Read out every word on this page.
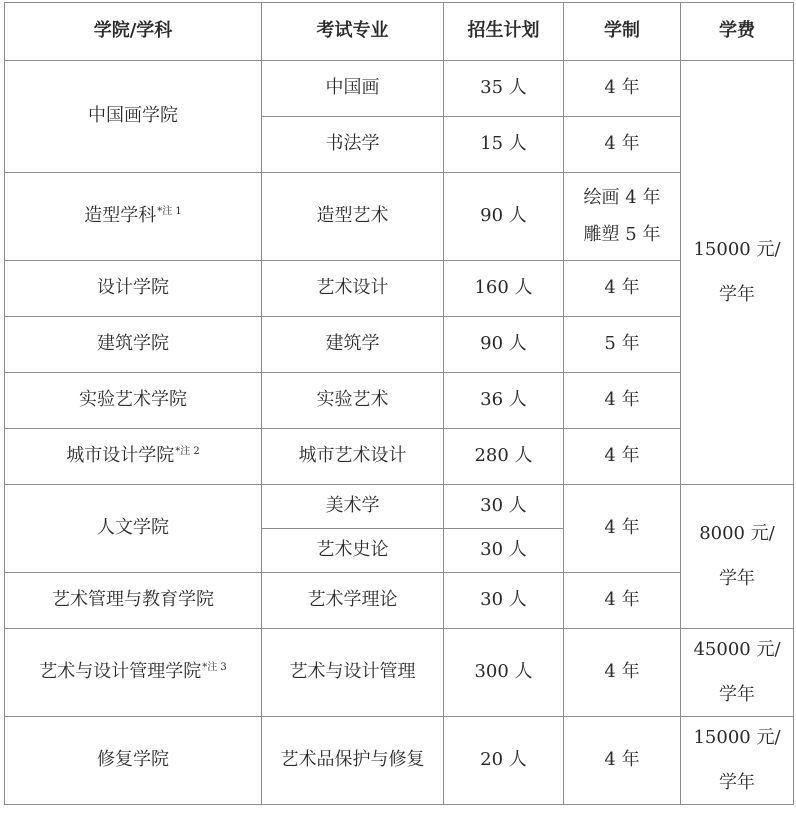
学院/学科	考试专业	招生计划	学制	学费
中国画学院	中国画	35 人	4 年	15000 元/
学年

	书法学	15 人	4 年	
造型学科$^{*注 1}$	造型艺术	90 人	绘画 4 年
雕塑 5 年	

设计学院	艺术设计	160 人	4 年	
建筑学院	建筑学	90 人	5 年	
实验艺术学院	实验艺术	36 人	4 年	
城市设计学院$^{*注 2}$	城市艺术设计	280 人	4 年	
人文学院	美术学	30 人	4 年	8000 元/
学年

	艺术史论	30 人		
艺术管理与教育学院	艺术学理论	30 人	4 年	
艺术与设计管理学院$^{*注 3}$	艺术与设计管理	300 人	4 年	45000 元/
学年

修复学院	艺术品保护与修复	20 人	4 年	15000 元/
学年
